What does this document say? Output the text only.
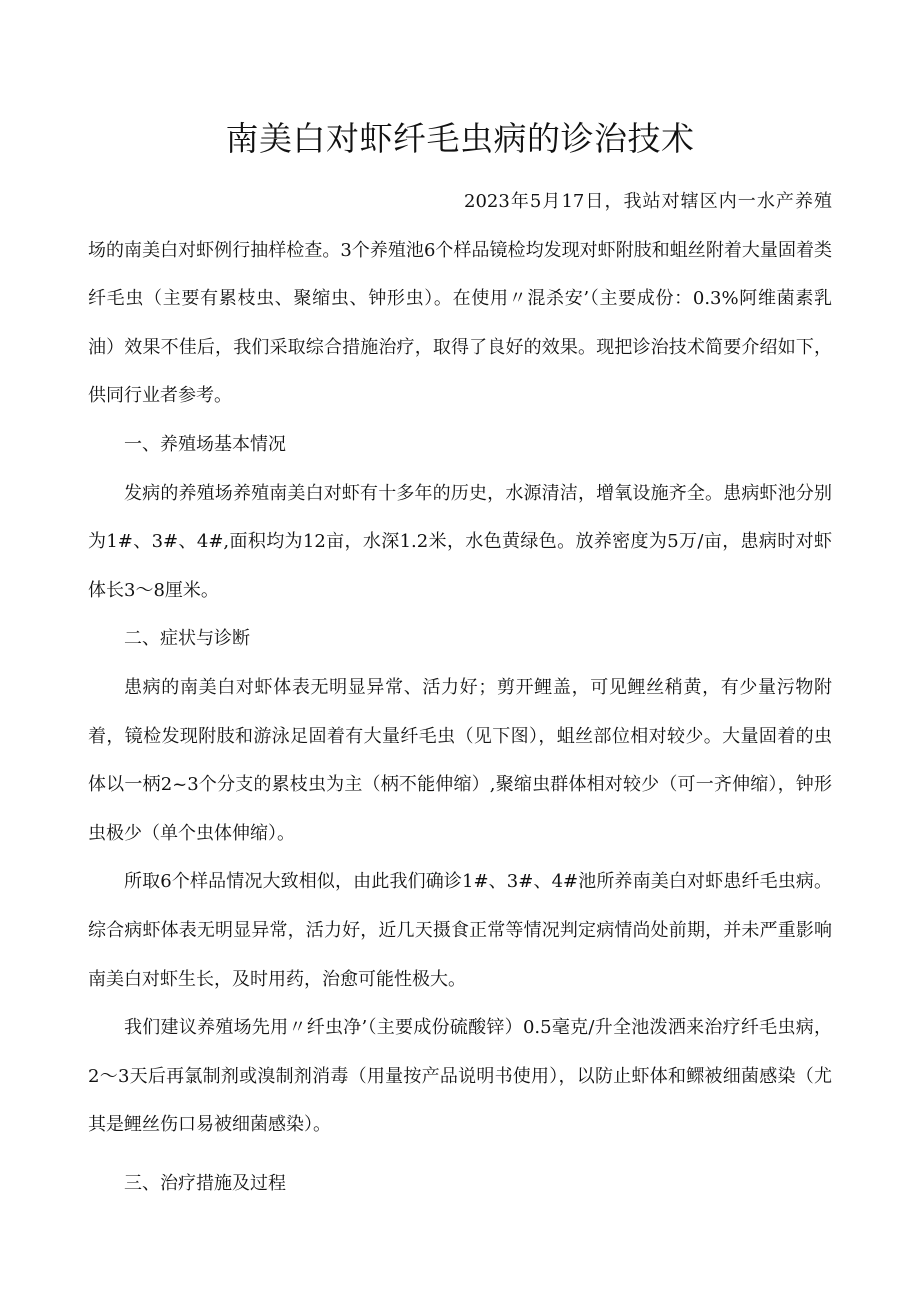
南美白对虾纤毛虫病的诊治技术

2023年5月17日，我站对辖区内一水产养殖场的南美白对虾例行抽样检查。3个养殖池6个样品镜检均发现对虾附肢和蛆丝附着大量固着类纤毛虫（主要有累枝虫、聚缩虫、钟形虫）。在使用〃混杀安’（主要成份：0.3%阿维菌素乳油）效果不佳后，我们采取综合措施治疗，取得了良好的效果。现把诊治技术简要介绍如下，供同行业者参考。

一、养殖场基本情况

发病的养殖场养殖南美白对虾有十多年的历史，水源清洁，增氧设施齐全。患病虾池分别为1#、3#、4#,面积均为12亩，水深1.2米，水色黄绿色。放养密度为5万/亩，患病时对虾体长3～8厘米。

二、症状与诊断

患病的南美白对虾体表无明显异常、活力好；剪开鲤盖，可见鲤丝稍黄，有少量污物附着，镜检发现附肢和游泳足固着有大量纤毛虫（见下图），蛆丝部位相对较少。大量固着的虫体以一柄2~3个分支的累枝虫为主（柄不能伸缩）,聚缩虫群体相对较少（可一齐伸缩），钟形虫极少（单个虫体伸缩）。

所取6个样品情况大致相似，由此我们确诊1#、3#、4#池所养南美白对虾患纤毛虫病。综合病虾体表无明显异常，活力好，近几天摄食正常等情况判定病情尚处前期，并未严重影响南美白对虾生长，及时用药，治愈可能性极大。

我们建议养殖场先用〃纤虫净’（主要成份硫酸锌）0.5毫克/升全池泼洒来治疗纤毛虫病，2～3天后再氯制剂或溴制剂消毒（用量按产品说明书使用），以防止虾体和鳏被细菌感染（尤其是鲤丝伤口易被细菌感染）。

三、治疗措施及过程
